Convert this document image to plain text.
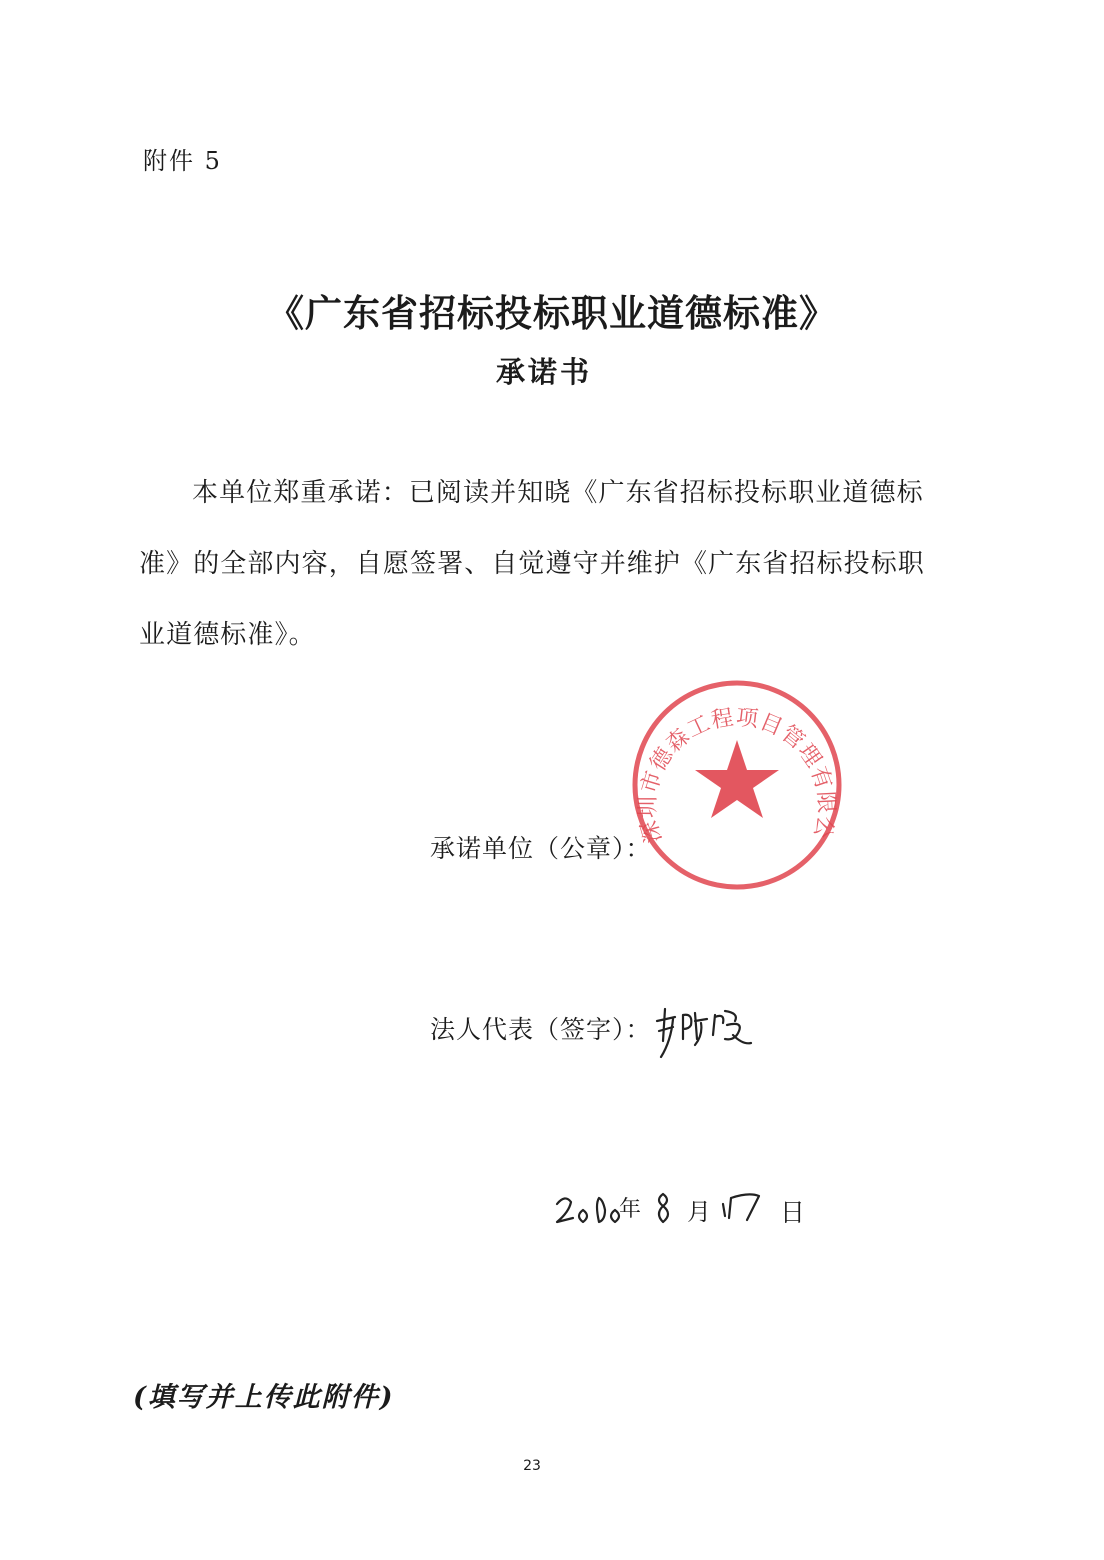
附件 5
《广东省招标投标职业道德标准》
承诺书
本单位郑重承诺：已阅读并知晓《广东省招标投标职业道德标
准》的全部内容，自愿签署、自觉遵守并维护《广东省招标投标职
业道德标准》。
承诺单位（公章）：
深圳市德森工程项目管理有限公司
法人代表（签字）：
年 月	日
(填写并上传此附件)
23
